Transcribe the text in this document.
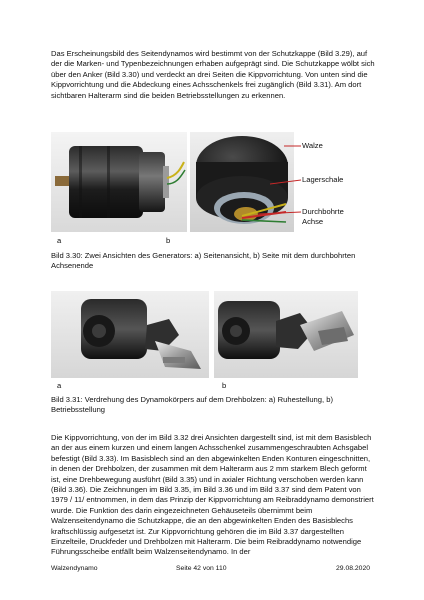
Das Erscheinungsbild des Seitendynamos wird bestimmt von der Schutzkappe (Bild 3.29), auf der die Marken- und Typenbezeichnungen erhaben aufgeprägt sind. Die Schutzkappe wölbt sich über den Anker (Bild 3.30) und verdeckt an drei Seiten die Kippvorrichtung. Von unten sind die Kippvorrichtung und die Abdeckung eines Achsschenkels frei zugänglich (Bild 3.31). Am dort sichtbaren Halterarm sind die beiden Betriebsstellungen zu erkennen.

Walze
Lagerschale
Durchbohrte Achse
a	b

Bild 3.30: Zwei Ansichten des Generators: a) Seitenansicht, b) Seite mit dem durchbohrten Achsenende

a	b

Bild 3.31: Verdrehung des Dynamokörpers auf dem Drehbolzen: a) Ruhestellung, b) Betriebsstellung

Die Kippvorrichtung, von der im Bild 3.32 drei Ansichten dargestellt sind, ist mit dem Basisblech an der aus einem kurzen und einem langen Achsschenkel zusammengeschraubten Achsgabel befestigt (Bild 3.33). Im Basisblech sind an den abgewinkelten Enden Konturen eingeschnitten, in denen der Drehbolzen, der zusammen mit dem Halterarm aus 2 mm starkem Blech geformt ist, eine Drehbewegung ausführt (Bild 3.35) und in axialer Richtung verschoben werden kann (Bild 3.36). Die Zeichnungen im Bild 3.35, im Bild 3.36 und im Bild 3.37 sind dem Patent von 1979 / 11/ entnommen, in dem das Prinzip der Kippvorrichtung am Reibraddynamo demonstriert wurde. Die Funktion des darin eingezeichneten Gehäuseteils übernimmt beim Walzenseitendynamo die Schutzkappe, die an den abgewinkelten Enden des Basisblechs kraftschlüssig aufgesetzt ist. Zur Kippvorrichtung gehören die im Bild 3.37 dargestellten Einzelteile, Druckfeder und Drehbolzen mit Halterarm. Die beim Reibraddynamo notwendige Führungsscheibe entfällt beim Walzenseitendynamo. In der

Walzendynamo	Seite 42 von 110	29.08.2020
